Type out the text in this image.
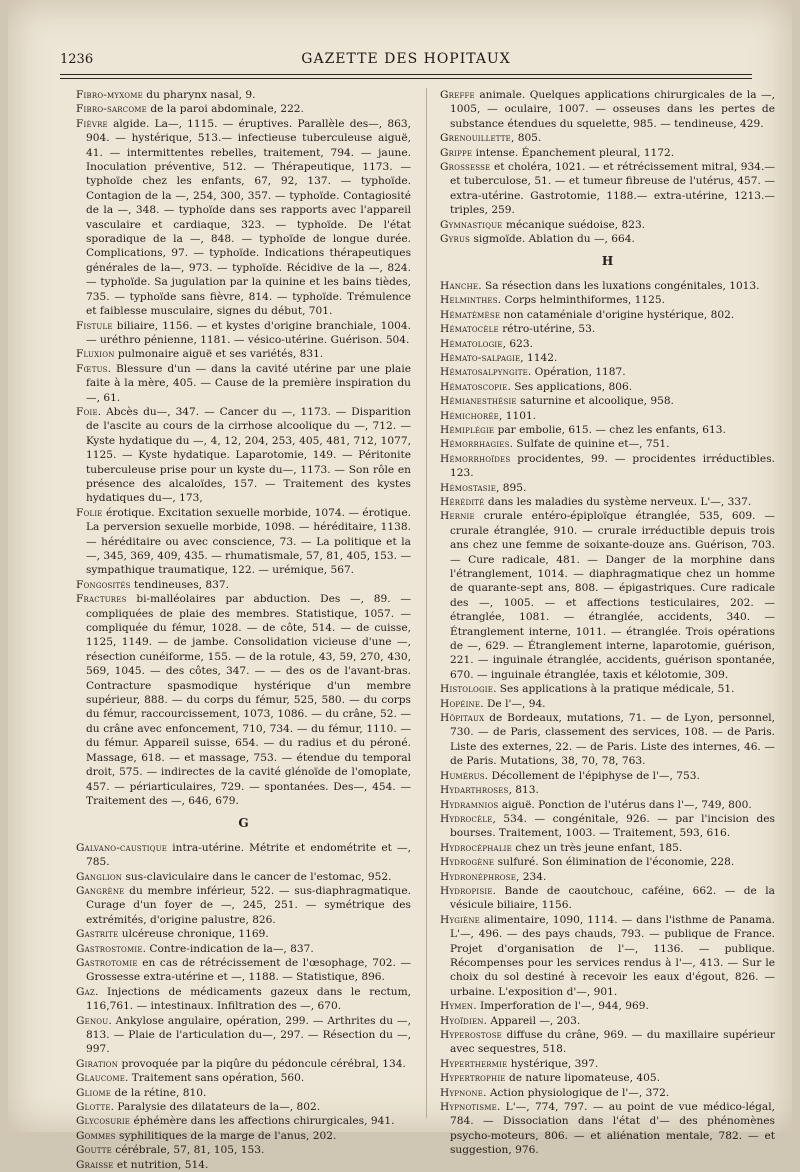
1236	GAZETTE DES HOPITAUX
Fibro-myxome du pharynx nasal, 9.
Fibro-sarcome de la paroi abdominale, 222.
Fièvre algide. La—, 1115. — éruptives. Parallèle des—, 863, 904. — hystérique, 513.— infectieuse tuberculeuse aiguë, 41. — intermittentes rebelles, traitement, 794. — jaune. Inoculation préventive, 512. — Thérapeutique, 1173. — typhoïde chez les enfants, 67, 92, 137. — typhoïde. Contagion de la —, 254, 300, 357. — typhoïde. Contagiosité de la —, 348. — typhoïde dans ses rapports avec l'appareil vasculaire et cardiaque, 323. — typhoïde. De l'état sporadique de la —, 848. — typhoïde de longue durée. Complications, 97. — typhoïde. Indications thérapeutiques générales de la—, 973. — typhoïde. Récidive de la —, 824. — typhoïde. Sa jugulation par la quinine et les bains tièdes, 735. — typhoïde sans fièvre, 814. — typhoïde. Trémulence et faiblesse musculaire, signes du début, 701.
Fistule biliaire, 1156. — et kystes d'origine branchiale, 1004. — uréthro pénienne, 1181. — vésico-utérine. Guérison. 504.
Fluxion pulmonaire aiguë et ses variétés, 831.
Fœtus. Blessure d'un — dans la cavité utérine par une plaie faite à la mère, 405. — Cause de la première inspiration du —, 61.
Foie. Abcès du—, 347. — Cancer du —, 1173. — Disparition de l'ascite au cours de la cirrhose alcoolique du —, 712. — Kyste hydatique du —, 4, 12, 204, 253, 405, 481, 712, 1077, 1125. — Kyste hydatique. Laparotomie, 149. — Péritonite tuberculeuse prise pour un kyste du—, 1173. — Son rôle en présence des alcaloïdes, 157. — Traitement des kystes hydatiques du—, 173,
Folie érotique. Excitation sexuelle morbide, 1074. — érotique. La perversion sexuelle morbide, 1098. — héréditaire, 1138. — héréditaire ou avec conscience, 73. — La politique et la —, 345, 369, 409, 435. — rhumatismale, 57, 81, 405, 153. — sympathique traumatique, 122. — urémique, 567.
Fongosités tendineuses, 837.
Fractures bi-malléolaires par abduction. Des —, 89. — compliquées de plaie des membres. Statistique, 1057. — compliquée du fémur, 1028. — de côte, 514. — de cuisse, 1125, 1149. — de jambe. Consolidation vicieuse d'une —, résection cunéiforme, 155. — de la rotule, 43, 59, 270, 430, 569, 1045. — des côtes, 347. — — des os de l'avant-bras. Contracture spasmodique hystérique d'un membre supérieur, 888. — du corps du fémur, 525, 580. — du corps du fémur, raccourcissement, 1073, 1086. — du crâne, 52. — du crâne avec enfoncement, 710, 734. — du fémur, 1110. — du fémur. Appareil suisse, 654. — du radius et du péroné. Massage, 618. — et massage, 753. — étendue du temporal droit, 575. — indirectes de la cavité glénoïde de l'omoplate, 457. — périarticulaires, 729. — spontanées. Des—, 454. — Traitement des —, 646, 679.
G
Galvano-caustique intra-utérine. Métrite et endométrite et —, 785.
Ganglion sus-claviculaire dans le cancer de l'estomac, 952.
Gangrène du membre inférieur, 522. — sus-diaphragmatique. Curage d'un foyer de —, 245, 251. — symétrique des extrémités, d'origine palustre, 826.
Gastrite ulcéreuse chronique, 1169.
Gastrostomie. Contre-indication de la—, 837.
Gastrotomie en cas de rétrécissement de l'œsophage, 702. — Grossesse extra-utérine et —, 1188. — Statistique, 896.
Gaz. Injections de médicaments gazeux dans le rectum, 116,761. — intestinaux. Infiltration des —, 670.
Genou. Ankylose angulaire, opération, 299. — Arthrites du —, 813. — Plaie de l'articulation du—, 297. — Résection du —, 997.
Giration provoquée par la piqûre du pédoncule cérébral, 134.
Glaucome. Traitement sans opération, 560.
Gliome de la rétine, 810.
Glotte. Paralysie des dilatateurs de la—, 802.
Glycosurie éphémère dans les affections chirurgicales, 941.
Gommes syphilitiques de la marge de l'anus, 202.
Goutte cérébrale, 57, 81, 105, 153.
Graisse et nutrition, 514.
Greffe animale. Quelques applications chirurgicales de la —, 1005, — oculaire, 1007. — osseuses dans les pertes de substance étendues du squelette, 985. — tendineuse, 429.
Grenouillette, 805.
Grippe intense. Épanchement pleural, 1172.
Grossesse et choléra, 1021. — et rétrécissement mitral, 934.— et tuberculose, 51. — et tumeur fibreuse de l'utérus, 457. — extra-utérine. Gastrotomie, 1188.— extra-utérine, 1213.— triples, 259.
Gymnastique mécanique suédoise, 823.
Gyrus sigmoïde. Ablation du —, 664.
H
Hanche. Sa résection dans les luxations congénitales, 1013.
Helminthes. Corps helminthiformes, 1125.
Hématémèse non cataméniale d'origine hystérique, 802.
Hématocèle rétro-utérine, 53.
Hématologie, 623.
Hémato-salpagie, 1142.
Hématosalpyngite. Opération, 1187.
Hématoscopie. Ses applications, 806.
Hémianesthésie saturnine et alcoolique, 958.
Hémichorée, 1101.
Hémiplégie par embolie, 615. — chez les enfants, 613.
Hémorrhagies. Sulfate de quinine et—, 751.
Hémorrhoïdes procidentes, 99. — procidentes irréductibles. 123.
Hémostasie, 895.
Hérédité dans les maladies du système nerveux. L'—, 337.
Hernie crurale entéro-épiploïque étranglée, 535, 609. — crurale étranglée, 910. — crurale irréductible depuis trois ans chez une femme de soixante-douze ans. Guérison, 703. — Cure radicale, 481. — Danger de la morphine dans l'étranglement, 1014. — diaphragmatique chez un homme de quarante-sept ans, 808. — épigastriques. Cure radicale des —, 1005. — et affections testiculaires, 202. — étranglée, 1081. — étranglée, accidents, 340. — Étranglement interne, 1011. — étranglée. Trois opérations de —, 629. — Étranglement interne, laparotomie, guérison, 221. — inguinale étranglée, accidents, guérison spontanée, 670. — inguinale étranglée, taxis et kélotomie, 309.
Histologie. Ses applications à la pratique médicale, 51.
Hopéine. De l'—, 94.
Hôpitaux de Bordeaux, mutations, 71. — de Lyon, personnel, 730. — de Paris, classement des services, 108. — de Paris. Liste des externes, 22. — de Paris. Liste des internes, 46. — de Paris. Mutations, 38, 70, 78, 763.
Humérus. Décollement de l'épiphyse de l'—, 753.
Hydarthroses, 813.
Hydramnios aiguë. Ponction de l'utérus dans l'—, 749, 800.
Hydrocèle, 534. — congénitale, 926. — par l'incision des bourses. Traitement, 1003. — Traitement, 593, 616.
Hydrocéphalie chez un très jeune enfant, 185.
Hydrogène sulfuré. Son élimination de l'économie, 228.
Hydronéphrose, 234.
Hydropisie. Bande de caoutchouc, caféine, 662. — de la vésicule biliaire, 1156.
Hygiène alimentaire, 1090, 1114. — dans l'isthme de Panama. L'—, 496. — des pays chauds, 793. — publique de France. Projet d'organisation de l'—, 1136. — publique. Récompenses pour les services rendus à l'—, 413. — Sur le choix du sol destiné à recevoir les eaux d'égout, 826. — urbaine. L'exposition d'—, 901.
Hymen. Imperforation de l'—, 944, 969.
Hyoïdien. Appareil —, 203.
Hyperostose diffuse du crâne, 969. — du maxillaire supérieur avec sequestres, 518.
Hyperthermie hystérique, 397.
Hypertrophie de nature lipomateuse, 405.
Hypnone. Action physiologique de l'—, 372.
Hypnotisme. L'—, 774, 797. — au point de vue médico-légal, 784. — Dissociation dans l'état d'— des phénomènes psycho-moteurs, 806. — et aliénation mentale, 782. — et suggestion, 976.
